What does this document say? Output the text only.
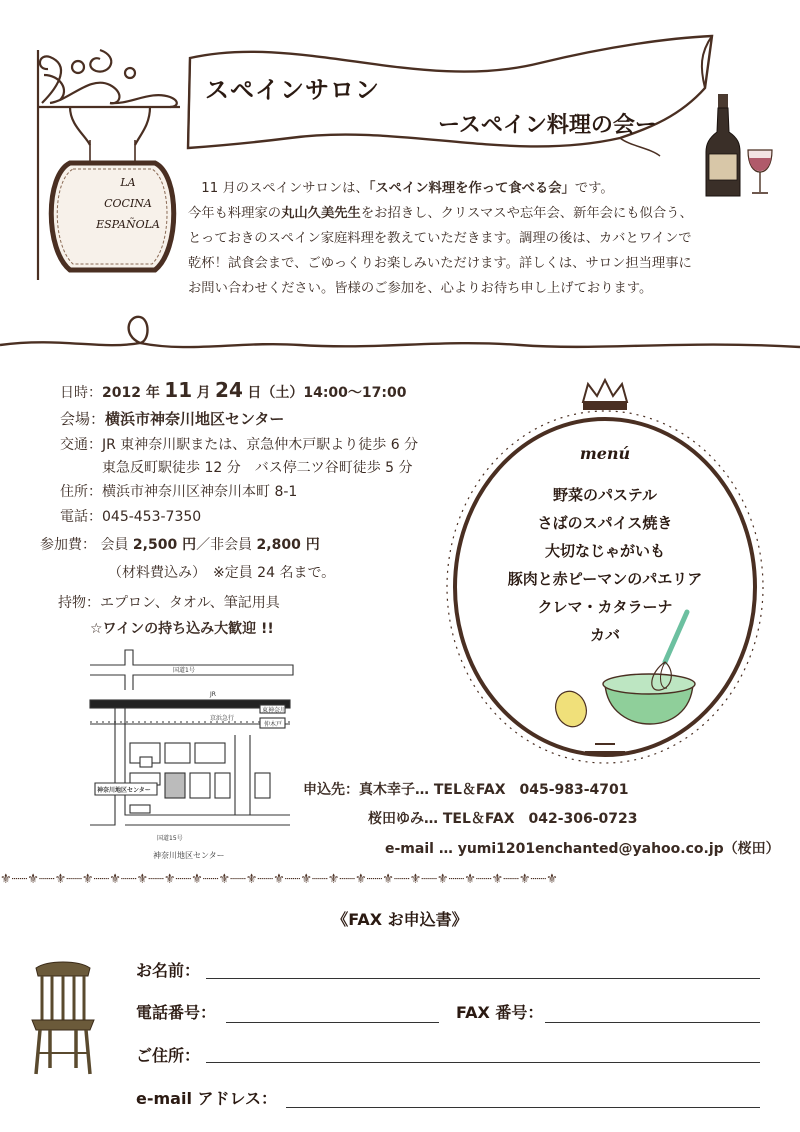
LA
COCINA
ESPAÑOLA
スペインサロン
ースペイン料理の会ー

　11 月のスペインサロンは、「スペイン料理を作って食べる会」です。

今年も料理家の丸山久美先生をお招きし、クリスマスや忘年会、新年会にも似合う、

とっておきのスペイン家庭料理を教えていただきます。調理の後は、カバとワインで

乾杯！試食会まで、ごゆっくりお楽しみいただけます。詳しくは、サロン担当理事に

お問い合わせください。皆様のご参加を、心よりお待ち申し上げております。

日時：2012 年 11 月 24 日（土）14:00〜17:00
会場：横浜市神奈川地区センター
交通：JR 東神奈川駅または、京急仲木戸駅より徒歩 6 分
東急反町駅徒歩 12 分　バス停二ツ谷町徒歩 5 分
住所：横浜市神奈川区神奈川本町 8-1
電話：045-453-7350
参加費： 会員 2,500 円／非会員 2,800 円
（材料費込み）　※定員 24 名まで。
持物：エプロン、タオル、筆記用具
☆ワインの持ち込み大歓迎 !!
国道1号
JR
東神奈川
京浜急行
仲木戸
神奈川地区センター
国道15号
神奈川地区センター
menú
野菜のパステル
さばのスパイス焼き
大切なじゃがいも
豚肉と赤ピーマンのパエリア
クレマ・カタラーナ
カバ
申込先：真木幸子… TEL＆FAX　045-983-4701
桜田ゆみ… TEL＆FAX　042-306-0723
e-mail … yumi1201enchanted@yahoo.co.jp（桜田）
⚜┈┈⚜┈┈⚜┈┈⚜┈┈⚜┈┈⚜┈┈⚜┈┈⚜┈┈⚜┈┈⚜┈┈⚜┈┈⚜┈┈⚜┈┈⚜┈┈⚜┈┈⚜┈┈⚜┈┈⚜┈┈⚜┈┈⚜┈┈⚜
《FAX お申込書》
お名前：
電話番号：	FAX 番号：
ご住所：
e-mail アドレス：
